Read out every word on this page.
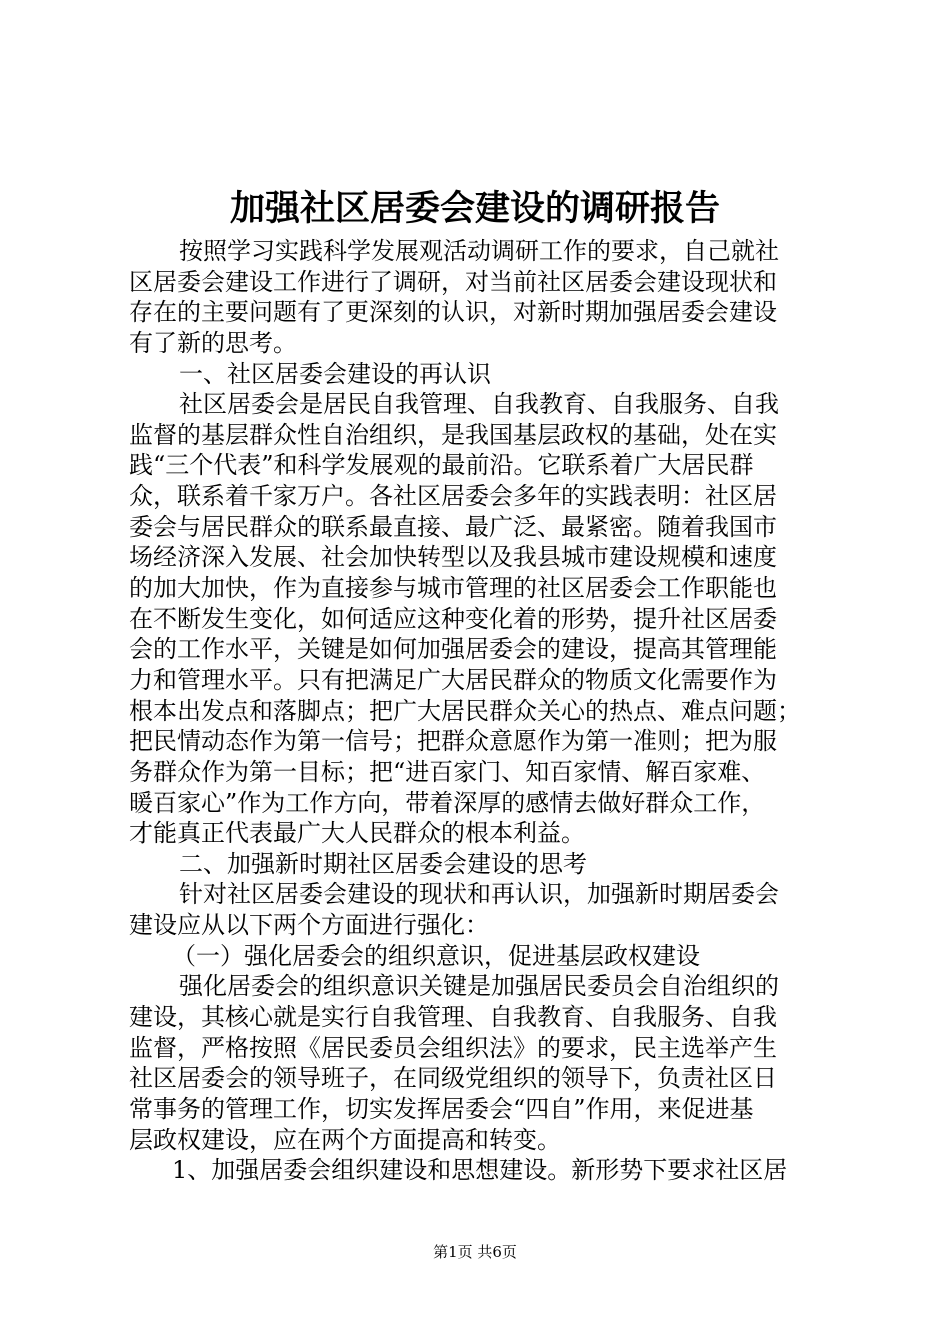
加强社区居委会建设的调研报告
按照学习实践科学发展观活动调研工作的要求，自己就社
区居委会建设工作进行了调研，对当前社区居委会建设现状和
存在的主要问题有了更深刻的认识，对新时期加强居委会建设
有了新的思考。
一、社区居委会建设的再认识
社区居委会是居民自我管理、自我教育、自我服务、自我
监督的基层群众性自治组织，是我国基层政权的基础，处在实
践“三个代表”和科学发展观的最前沿。它联系着广大居民群
众，联系着千家万户。各社区居委会多年的实践表明：社区居
委会与居民群众的联系最直接、最广泛、最紧密。随着我国市
场经济深入发展、社会加快转型以及我县城市建设规模和速度
的加大加快，作为直接参与城市管理的社区居委会工作职能也
在不断发生变化，如何适应这种变化着的形势，提升社区居委
会的工作水平，关键是如何加强居委会的建设，提高其管理能
力和管理水平。只有把满足广大居民群众的物质文化需要作为
根本出发点和落脚点；把广大居民群众关心的热点、难点问题；
把民情动态作为第一信号；把群众意愿作为第一准则；把为服
务群众作为第一目标；把“进百家门、知百家情、解百家难、
暖百家心”作为工作方向，带着深厚的感情去做好群众工作，
才能真正代表最广大人民群众的根本利益。
二、加强新时期社区居委会建设的思考
针对社区居委会建设的现状和再认识，加强新时期居委会
建设应从以下两个方面进行强化：
（一）强化居委会的组织意识，促进基层政权建设
强化居委会的组织意识关键是加强居民委员会自治组织的
建设，其核心就是实行自我管理、自我教育、自我服务、自我
监督，严格按照《居民委员会组织法》的要求，民主选举产生
社区居委会的领导班子，在同级党组织的领导下，负责社区日
常事务的管理工作，切实发挥居委会“四自”作用，来促进基
层政权建设，应在两个方面提高和转变。
1、加强居委会组织建设和思想建设。新形势下要求社区居
第1页 共6页
